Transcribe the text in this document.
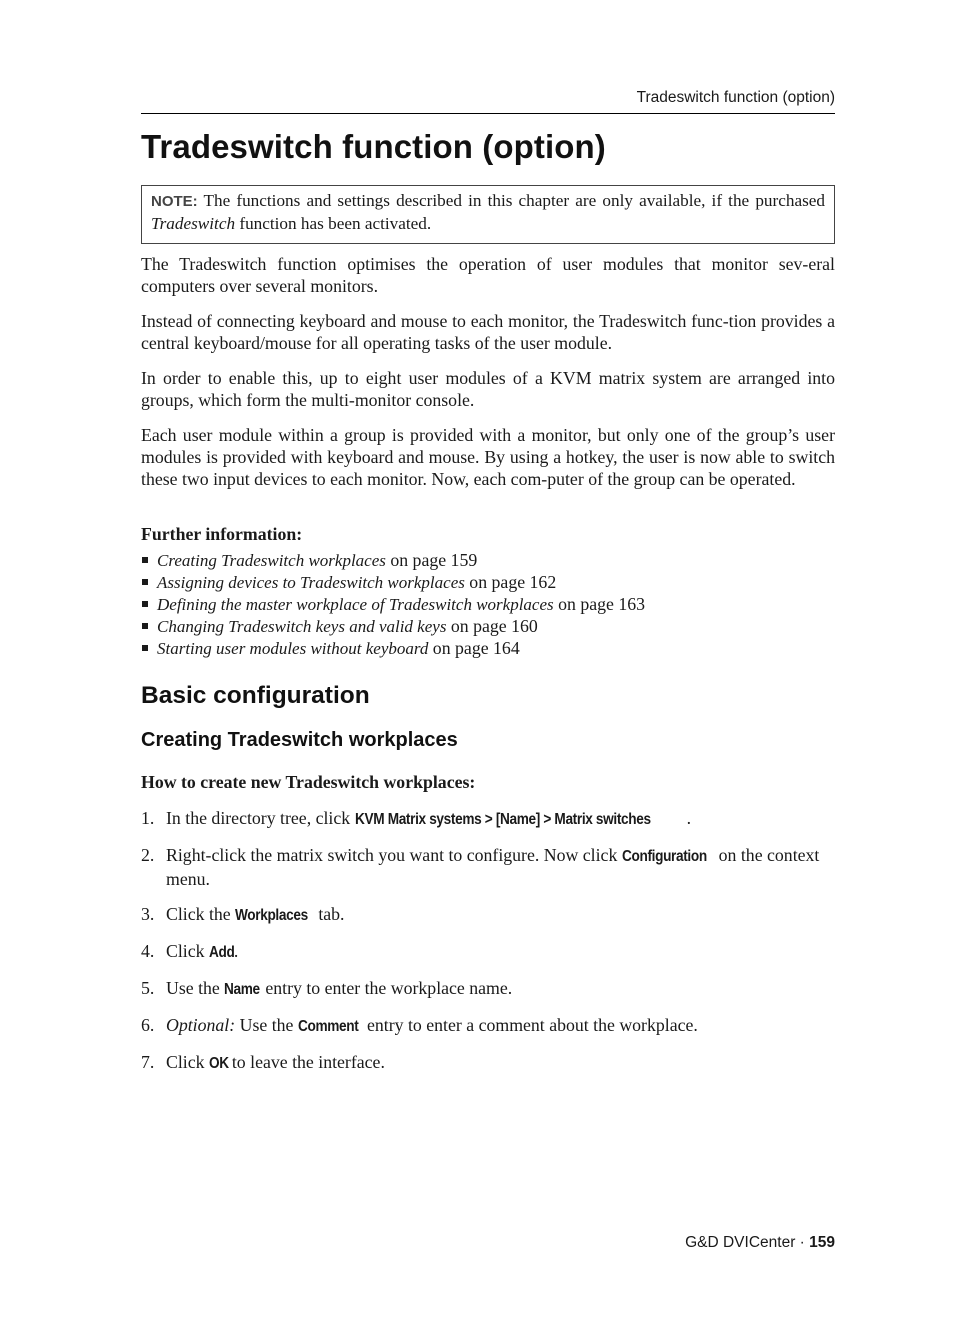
Tradeswitch function (option)
Tradeswitch function (option)
NOTE: The functions and settings described in this chapter are only available, if the purchased Tradeswitch function has been activated.

The Tradeswitch function optimises the operation of user modules that monitor sev-eral computers over several monitors.

Instead of connecting keyboard and mouse to each monitor, the Tradeswitch func-tion provides a central keyboard/mouse for all operating tasks of the user module.

In order to enable this, up to eight user modules of a KVM matrix system are arranged into groups, which form the multi-monitor console.

Each user module within a group is provided with a monitor, but only one of the group’s user modules is provided with keyboard and mouse. By using a hotkey, the user is now able to switch these two input devices to each monitor. Now, each com-puter of the group can be operated.

Further information:

Creating Tradeswitch workplaces on page 159
Assigning devices to Tradeswitch workplaces on page 162
Defining the master workplace of Tradeswitch workplaces on page 163
Changing Tradeswitch keys and valid keys on page 160
Starting user modules without keyboard on page 164
Basic configuration
Creating Tradeswitch workplaces

How to create new Tradeswitch workplaces:

1. In the directory tree, click KVM Matrix systems > [Name] > Matrix switches .
2. Right-click the matrix switch you want to configure. Now click Configuration on the context menu.
3. Click the Workplaces tab.
4. Click Add.
5. Use the Name entry to enter the workplace name.
6. Optional: Use the Comment entry to enter a comment about the workplace.
7. Click OK to leave the interface.
G&D DVICenter · 159
